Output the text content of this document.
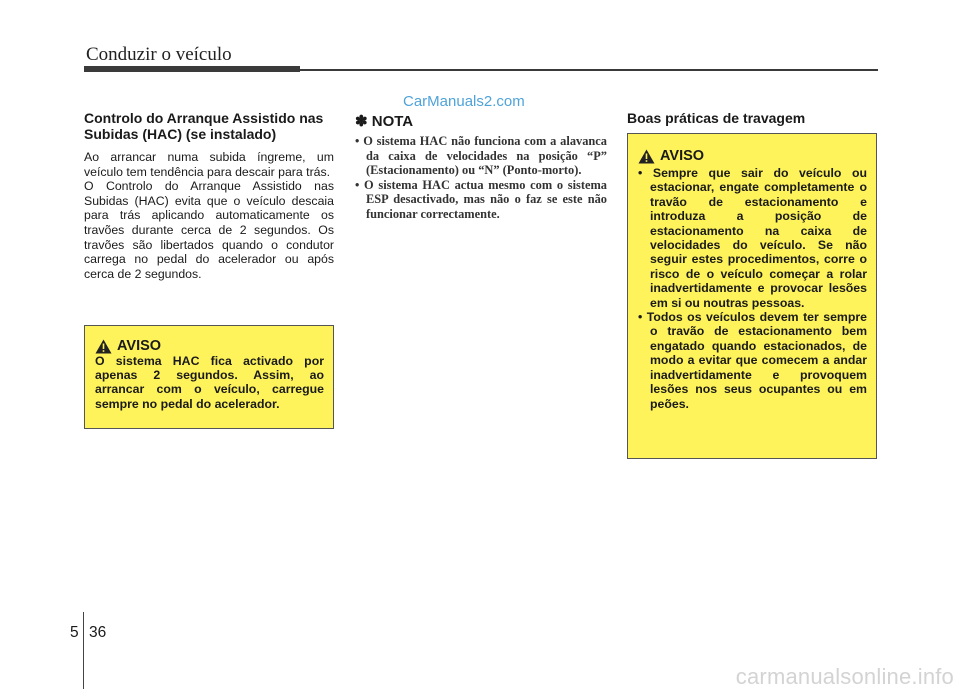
Conduzir o veículo
CarManuals2.com
Controlo do Arranque Assistido nas Subidas (HAC) (se instalado)

Ao arrancar numa subida íngreme, um veículo tem tendência para descair para trás.

O Controlo do Arranque Assistido nas Subidas (HAC) evita que o veículo descaia para trás aplicando automaticamente os travões durante cerca de 2 segundos. Os travões são libertados quando o condutor carrega no pedal do acelerador ou após cerca de 2 segundos.

AVISO

O sistema HAC fica activado por apenas 2 segundos. Assim, ao arrancar com o veículo, carregue sempre no pedal do acelerador.

✽ NOTA
• O sistema HAC não funciona com a alavanca da caixa de velocidades na posição “P” (Estacionamento) ou “N” (Ponto-morto).
• O sistema HAC actua mesmo com o sistema ESP desactivado, mas não o faz se este não funcionar correctamente.
Boas práticas de travagem
AVISO
• Sempre que sair do veículo ou estacionar, engate completamente o travão de estacionamento e introduza a posição de estacionamento na caixa de velocidades do veículo. Se não seguir estes procedimentos, corre o risco de o veículo começar a rolar inadvertidamente e provocar lesões em si ou noutras pessoas.
• Todos os veículos devem ter sempre o travão de estacionamento bem engatado quando estacionados, de modo a evitar que comecem a andar inadvertidamente e provoquem lesões nos seus ocupantes ou em peões.
5 36
carmanualsonline.info
